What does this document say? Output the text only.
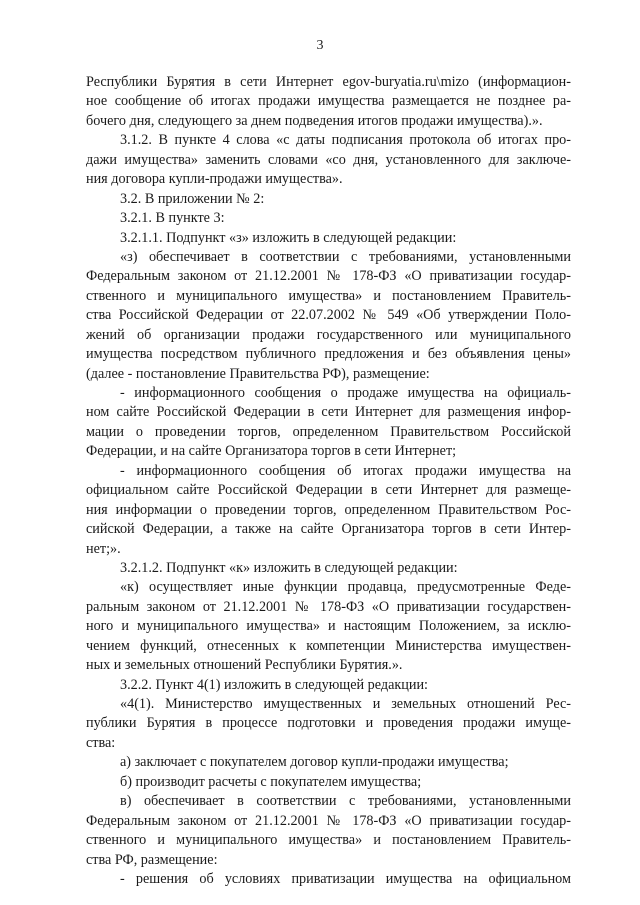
3
Республики Бурятия в сети Интернет egov-buryatia.ru\mizo (информацион-
ное сообщение об итогах продажи имущества размещается не позднее ра-
бочего дня, следующего за днем подведения итогов продажи имущества).».
3.1.2. В пункте 4 слова «с даты подписания протокола об итогах про-
дажи имущества» заменить словами «со дня, установленного для заключе-
ния договора купли-продажи имущества».
3.2. В приложении № 2:
3.2.1. В пункте 3:
3.2.1.1. Подпункт «з» изложить в следующей редакции:
«з) обеспечивает в соответствии с требованиями, установленными
Федеральным законом от 21.12.2001 № 178-ФЗ «О приватизации государ-
ственного и муниципального имущества» и постановлением Правитель-
ства Российской Федерации от 22.07.2002 № 549 «Об утверждении Поло-
жений об организации продажи государственного или муниципального
имущества посредством публичного предложения и без объявления цены»
(далее - постановление Правительства РФ), размещение:
- информационного сообщения о продаже имущества на официаль-
ном сайте Российской Федерации в сети Интернет для размещения инфор-
мации о проведении торгов, определенном Правительством Российской
Федерации, и на сайте Организатора торгов в сети Интернет;
- информационного сообщения об итогах продажи имущества на
официальном сайте Российской Федерации в сети Интернет для размеще-
ния информации о проведении торгов, определенном Правительством Рос-
сийской Федерации, а также на сайте Организатора торгов в сети Интер-
нет;».
3.2.1.2. Подпункт «к» изложить в следующей редакции:
«к) осуществляет иные функции продавца, предусмотренные Феде-
ральным законом от 21.12.2001 № 178-ФЗ «О приватизации государствен-
ного и муниципального имущества» и настоящим Положением, за исклю-
чением функций, отнесенных к компетенции Министерства имуществен-
ных и земельных отношений Республики Бурятия.».
3.2.2. Пункт 4(1) изложить в следующей редакции:
«4(1). Министерство имущественных и земельных отношений Рес-
публики Бурятия в процессе подготовки и проведения продажи имуще-
ства:
а) заключает с покупателем договор купли-продажи имущества;
б) производит расчеты с покупателем имущества;
в) обеспечивает в соответствии с требованиями, установленными
Федеральным законом от 21.12.2001 № 178-ФЗ «О приватизации государ-
ственного и муниципального имущества» и постановлением Правитель-
ства РФ, размещение:
- решения об условиях приватизации имущества на официальном
